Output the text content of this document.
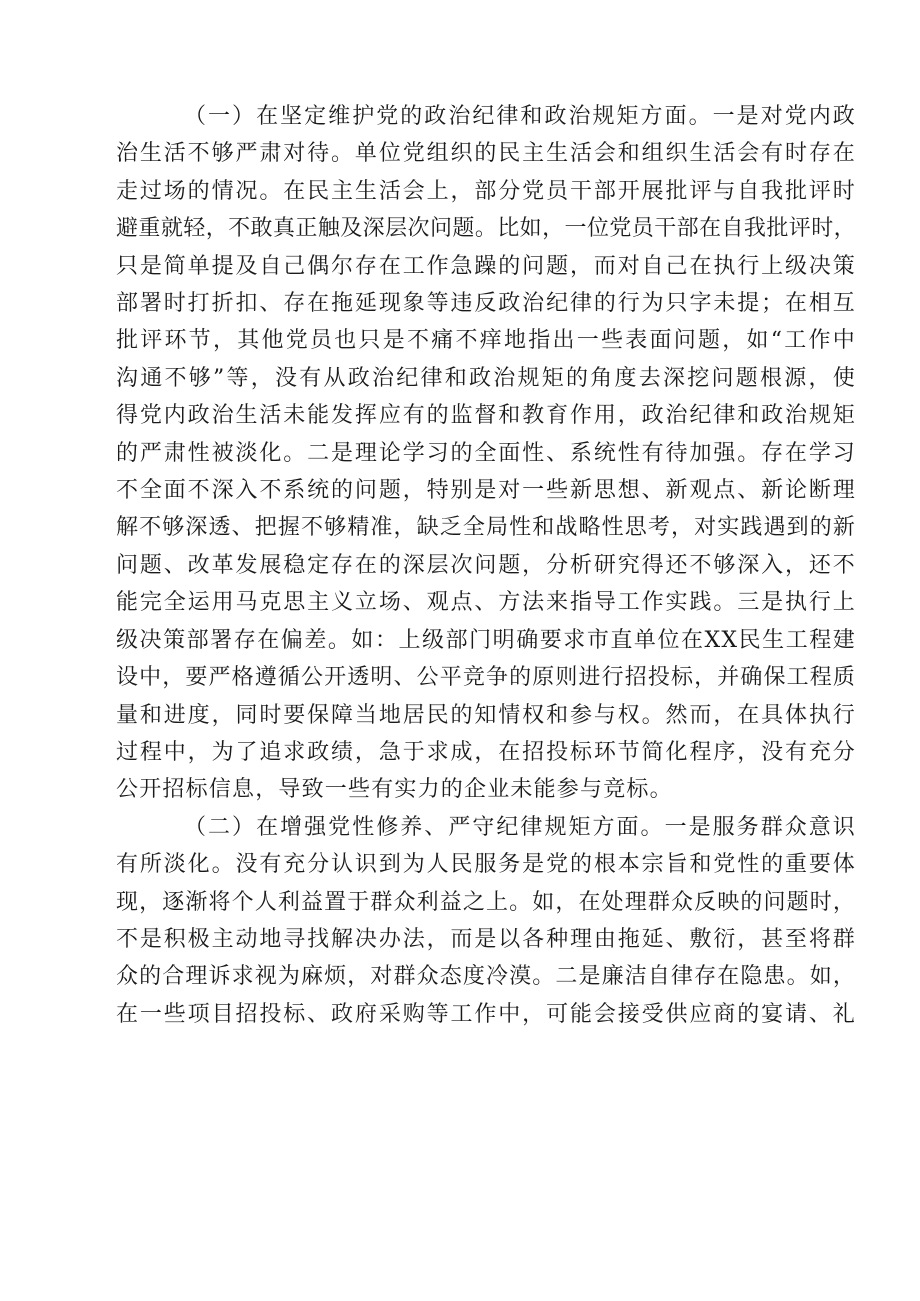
（一）在坚定维护党的政治纪律和政治规矩方面。一是对党内政
治生活不够严肃对待。单位党组织的民主生活会和组织生活会有时存在
走过场的情况。在民主生活会上，部分党员干部开展批评与自我批评时
避重就轻，不敢真正触及深层次问题。比如，一位党员干部在自我批评时，
只是简单提及自己偶尔存在工作急躁的问题，而对自己在执行上级决策
部署时打折扣、存在拖延现象等违反政治纪律的行为只字未提；在相互
批评环节，其他党员也只是不痛不痒地指出一些表面问题，如“工作中
沟通不够”等，没有从政治纪律和政治规矩的角度去深挖问题根源，使
得党内政治生活未能发挥应有的监督和教育作用，政治纪律和政治规矩
的严肃性被淡化。二是理论学习的全面性、系统性有待加强。存在学习
不全面不深入不系统的问题，特别是对一些新思想、新观点、新论断理
解不够深透、把握不够精准，缺乏全局性和战略性思考，对实践遇到的新
问题、改革发展稳定存在的深层次问题，分析研究得还不够深入，还不
能完全运用马克思主义立场、观点、方法来指导工作实践。三是执行上
级决策部署存在偏差。如：上级部门明确要求市直单位在XX民生工程建
设中，要严格遵循公开透明、公平竞争的原则进行招投标，并确保工程质
量和进度，同时要保障当地居民的知情权和参与权。然而，在具体执行
过程中，为了追求政绩，急于求成，在招投标环节简化程序，没有充分
公开招标信息，导致一些有实力的企业未能参与竞标。
（二）在增强党性修养、严守纪律规矩方面。一是服务群众意识
有所淡化。没有充分认识到为人民服务是党的根本宗旨和党性的重要体
现，逐渐将个人利益置于群众利益之上。如，在处理群众反映的问题时，
不是积极主动地寻找解决办法，而是以各种理由拖延、敷衍，甚至将群
众的合理诉求视为麻烦，对群众态度冷漠。二是廉洁自律存在隐患。如，
在一些项目招投标、政府采购等工作中，可能会接受供应商的宴请、礼
